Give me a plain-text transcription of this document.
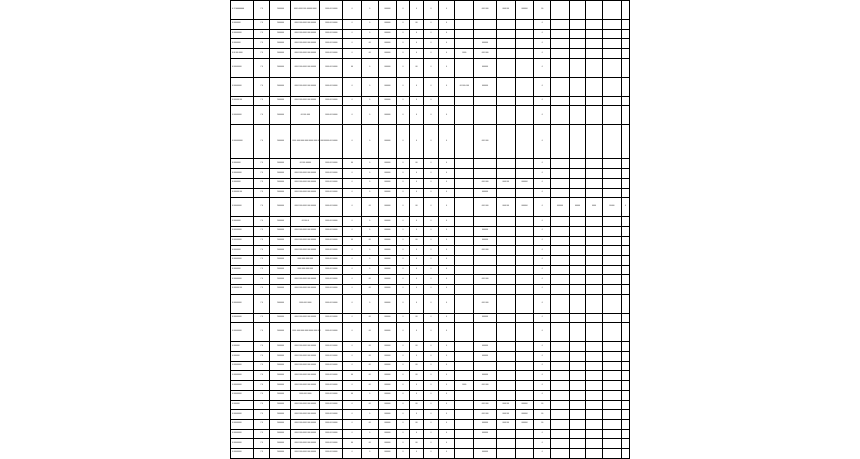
6.74 66666666	7.0	1000000	0000 0000 000 00000 0000	0000 00 00000	0	0	000000	0	0	0	0		000 000	0000 00	000000	00					
0 0000000	7.0	1000000	0000 000 0000 000 00000	0000 00 00000	0	0	000000	0	00	0	0					0					
0 00000000	7.0	1000000	0000 000 0000 000 00000	0000 00 00000	0	0	000000	0	0	0	0					0					
0 0000000	7.0	1000000	0000 000 0000 000 00000	0000 00 00000	0	00	000000	0	0	0	0		000000			0					
0 00 00 0000	7.0	1000000	0000 000 0000 000 00000	0000 00 00000	0	00	000000	0	0	0	0	0000	000 000			0					
0 00000000	7.0	1000000	0000 000 0000 000 00000	0000 00 00000	00	0	000000	0	00	0	0		000000			0					
0 00000000	7.0	1000000	0000 000 0000 000 00000	0000 00 00000	0	0	000000	0	0	0	0	00 000 000	000000			0					
0 000000 00	7.0	1000000	0000 000 0000 000 00000	0000 00 00000	0	0	000000	0	0	0						0					
0 00000000	7.0	1000000	00 000 000	0000 00 00000	0	0	000000	0	0	0	0					0					
0 000000000	7.0	1000000	0000 000 0000 000 00000 000 000 0000	0000 00 00000	0	0	000000	0	0	0	0		000 000			0					
0 0000000	7.0	1000000	00 000 00000	0000 00 00000	00	0	000000	0	00	0	0					0					
0 00000000	7.0	1000000	0000 000 0000 000 00000	0000 00 00000	0	0	000000	0	0	0	0					0					
0 0000000	7.0	1000000	0000 000 0000 000 00000	0000 00 00000	0	0	000000	0	0	0	0		000 000	0000 00	000000	0					
0 000000 00	7.0	1000000	0000 000 0000 000 00000	0000 00 00000	0	0	000000	0	0	0	0		000000			0					
0 00000000	7.0	1000000	0000 000 0000 000 00000	0000 00 00000	0	00	000000	0	00	0	0		000 000	0000 00	000000	0	000000	00000	0000	00000	0
0 0000000	7.0	1000000	00 000 0	0000 00 00000	0	0	000000	0	0	0	0					0					
0 00000000	7.0	1000000	0000 000 0000 000 00000	0000 00 00000	0	0	000000	0	0	0	0		000000			0					
0 00000000	7.0	1000000	0000 000 0000 000 00000	0000 00 00000	00	00	000000	0	00	0	0		000000			0					
0 0000000	7.0	1000000	0000 000 0000 000 00000	0000 00 00000	0	0	000000	0	0	0	0		000 000			0					
0 00000000	7.0	1000000	0000 000 0000 000	0000 00 00000	0	0	000000	0	0	0	0					0					
0 0000000	7.0	1000000	0000 000 0000 000	0000 00 00000	0	0	000000	0	0	0	0					0					
0 00000000	7.0	1000000	0000 000 0000 000 00000	0000 00 00000	0	00	000000	0	0	0	0		000 000			0					
0 000000 00	7.0	1000000	0000 000 0000 000 00000	0000 00 00000	0	00	000000	0	0	0	0					0					
0 00000000	7.0	1000000	0000 000 0000	0000 00 00000	0	0	000000	0	0	0	0		000 000			0					
0 00000000	7.0	1000000	0000 000 0000 000 00000	0000 00 00000	0	00	000000	0	00	0	0		000000			0					
0 00000000	7.0	1000000	0000 000 0000 000 00000 000 000	0000 00 00000	0	00	000000	0	0	0	0					0					
0 000000	7.0	1000000	0000 000 0000 000 00000	0000 00 00000	0	00	000000	0	00	0	0		000000			0					
0 000000	7.0	1000000	0000 000 0000 000 00000	0000 00 00000	0	00	000000	0	0	0	0		000000			0					
0 00000000	7.0	1000000	0000 000 0000 000 00000	0000 00 00000	0	00	000000	0	00	0	0					0					
0 00000000	7.0	1000000	0000 000 0000 000 00000	0000 00 00000	00	00	000000	0	00	0	0		000000			0					
0 00000000	7.0	1000000	0000 000 0000 000 00000	0000 00 00000	0	00	000000	0	0	0	0	0000	000 000			0					
0 00000000	7.0	1000000	0000 000 0000	0000 00 00000	00	0	000000	0	0	0	0					0					
0 000000	7.0	1000000	0000 000 0000 000 00000	0000 00 00000	0	00	000000	0	00	0	0		000 000	0000 00	000000	00					
0 00000000	7.0	1000000	0000 000 0000 000 00000	0000 00 00000	0	0	000000	0	0	0	0		000 000	0000 00	000000	00					
0 00000000	7.0	1000000	0000 000 0000 000 00000	0000 00 00000	0	00	000000	0	00	0	0		000000	0000 00	000000	00					
0 00000000	7.0	1000000	0000 000 0000 000 00000	0000 00 00000	0	0	000000	0	0	0	0		000000			0					
0 00000000	7.0	1000000	0000 000 0000 000 00000	0000 00 00000	00	00	000000	0	00	0	0					0					
0 00000000	7.0	1000000	0000 000 0000 000 00000	0000 00 00000	0	0	000000	0	0	0	0		000000			0					
